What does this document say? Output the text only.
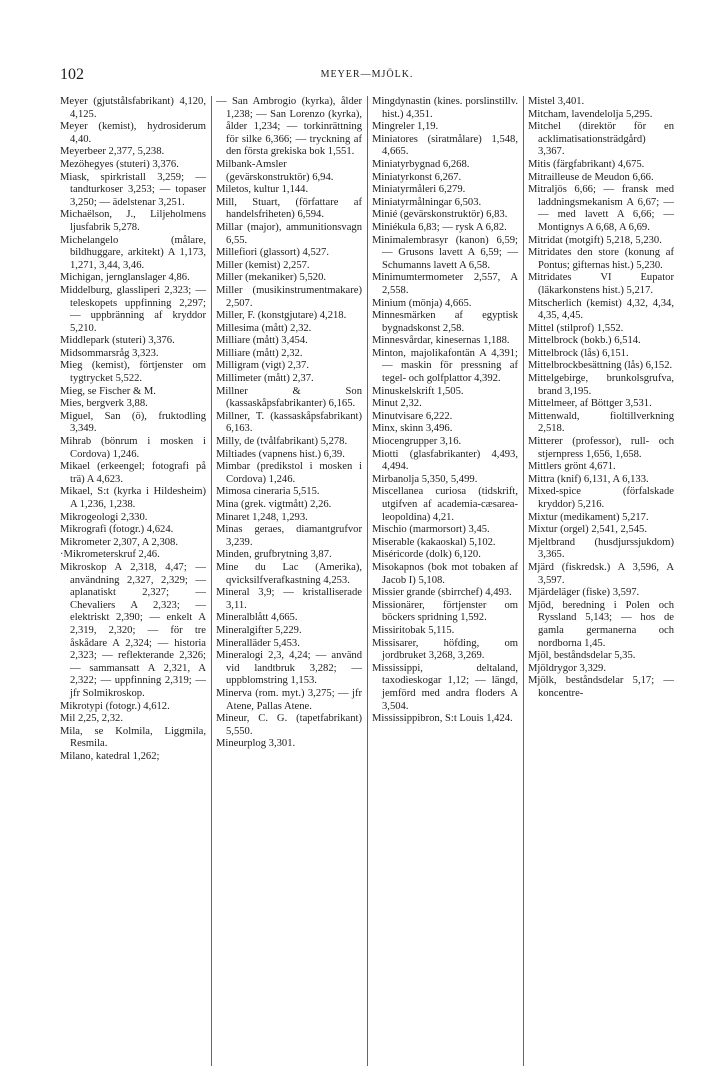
102	MEYER—MJÖLK.

Meyer (gjutstålsfabrikant) 4,120, 4,125.

Meyer (kemist), hydrosiderum 4,40.

Meyerbeer 2,377, 5,238.

Mezöhegyes (stuteri) 3,376.

Miask, spirkristall 3,259; — tandturkoser 3,253; — topaser 3,250; — ädelstenar 3,251.

Michaëlson, J., Liljeholmens ljusfabrik 5,278.

Michelangelo (målare, bildhuggare, arkitekt) A 1,173, 1,271, 3,44, 3,46.

Michigan, jernglanslager 4,86.

Middelburg, glassliperi 2,323; — teleskopets uppfinning 2,297; — uppbränning af kryddor 5,210.

Middlepark (stuteri) 3,376.

Midsommarsråg 3,323.

Mieg (kemist), förtjenster om tygtrycket 5,522.

Mieg, se Fischer & M.

Mies, bergverk 3,88.

Miguel, San (ö), fruktodling 3,349.

Mihrab (bönrum i mosken i Cordova) 1,246.

Mikael (erkeengel; fotografi på trä) A 4,623.

Mikael, S:t (kyrka i Hildesheim) A 1,236, 1,238.

Mikrogeologi 2,330.

Mikrografi (fotogr.) 4,624.

Mikrometer 2,307, A 2,308.

·Mikrometerskruf 2,46.

Mikroskop A 2,318, 4,47; — användning 2,327, 2,329; — aplanatiskt 2,327; — Chevaliers A 2,323; — elektriskt 2,390; — enkelt A 2,319, 2,320; — för tre åskådare A 2,324; — historia 2,323; — reflekterande 2,326; — sammansatt A 2,321, A 2,322; — uppfinning 2,319; — jfr Solmikroskop.

Mikrotypi (fotogr.) 4,612.

Mil 2,25, 2,32.

Mila, se Kolmila, Liggmila, Resmila.

Milano, katedral 1,262;

— San Ambrogio (kyrka), ålder 1,238; — San Lorenzo (kyrka), ålder 1,234; — torkinrättning för silke 6,366; — tryckning af den första grekiska bok 1,551.

Milbank-Amsler (gevärskonstruktör) 6,94.

Miletos, kultur 1,144.

Mill, Stuart, (författare af handelsfriheten) 6,594.

Millar (major), ammunitionsvagn 6,55.

Millefiori (glassort) 4,527.

Miller (kemist) 2,257.

Miller (mekaniker) 5,520.

Miller (musikinstrumentmakare) 2,507.

Miller, F. (konstgjutare) 4,218.

Millesima (mått) 2,32.

Milliare (mått) 3,454.

Milliare (mått) 2,32.

Milligram (vigt) 2,37.

Millimeter (mått) 2,37.

Millner & Son (kassaskåpsfabrikanter) 6,165.

Millner, T. (kassaskåpsfabrikant) 6,163.

Milly, de (tvålfabrikant) 5,278.

Miltiades (vapnens hist.) 6,39.

Mimbar (predikstol i mosken i Cordova) 1,246.

Mimosa cineraria 5,515.

Mina (grek. vigtmått) 2,26.

Minaret 1,248, 1,293.

Minas geraes, diamantgrufvor 3,239.

Minden, grufbrytning 3,87.

Mine du Lac (Amerika), qvicksilfverafkastning 4,253.

Mineral 3,9; — kristalliserade 3,11.

Mineralblått 4,665.

Mineralgifter 5,229.

Mineralläder 5,453.

Mineralogi 2,3, 4,24; — använd vid landtbruk 3,282; — uppblomstring 1,153.

Minerva (rom. myt.) 3,275; — jfr Atene, Pallas Atene.

Mineur, C. G. (tapetfabrikant) 5,550.

Mineurplog 3,301.

Mingdynastin (kines. porslinstillv. hist.) 4,351.

Mingreler 1,19.

Miniatores (siratmålare) 1,548, 4,665.

Miniatyrbygnad 6,268.

Miniatyrkonst 6,267.

Miniatyrmåleri 6,279.

Miniatyrmålningar 6,503.

Minié (gevärskonstruktör) 6,83.

Miniékula 6,83; — rysk A 6,82.

Minimalembrasyr (kanon) 6,59; — Grusons lavett A 6,59; — Schumanns lavett A 6,58.

Minimumtermometer 2,557, A 2,558.

Minium (mönja) 4,665.

Minnesmärken af egyptisk bygnadskonst 2,58.

Minnesvårdar, kinesernas 1,188.

Minton, majolikafontän A 4,391; — maskin för pressning af tegel- och golfplattor 4,392.

Minuskelskrift 1,505.

Minut 2,32.

Minutvisare 6,222.

Minx, skinn 3,496.

Miocengrupper 3,16.

Miotti (glasfabrikanter) 4,493, 4,494.

Mirbanolja 5,350, 5,499.

Miscellanea curiosa (tidskrift, utgifven af academia-cæsarea-leopoldina) 4,21.

Mischio (marmorsort) 3,45.

Miserable (kakaoskal) 5,102.

Miséricorde (dolk) 6,120.

Misokapnos (bok mot tobaken af Jacob I) 5,108.

Missier grande (sbirrchef) 4,493.

Missionärer, förtjenster om böckers spridning 1,592.

Missiritobak 5,115.

Missisarer, höfding, om jordbruket 3,268, 3,269.

Mississippi, deltaland, taxodieskogar 1,12; — längd, jemförd med andra floders A 3,504.

Mississippibron, S:t Louis 1,424.

Mistel 3,401.

Mitcham, lavendelolja 5,295.

Mitchel (direktör för en acklimatisationsträdgård) 3,367.

Mitis (färgfabrikant) 4,675.

Mitrailleuse de Meudon 6,66.

Mitraljös 6,66; — fransk med laddningsmekanism A 6,67; — — med lavett A 6,66; — Montignys A 6,68, A 6,69.

Mitridat (motgift) 5,218, 5,230.

Mitridates den store (konung af Pontus; gifternas hist.) 5,230.

Mitridates VI Eupator (läkarkonstens hist.) 5,217.

Mitscherlich (kemist) 4,32, 4,34, 4,35, 4,45.

Mittel (stilprof) 1,552.

Mittelbrock (bokb.) 6,514.

Mittelbrock (lås) 6,151.

Mittelbrockbesättning (lås) 6,152.

Mittelgebirge, brunkolsgrufva, brand 3,195.

Mittelmeer, af Böttger 3,531.

Mittenwald, fioltillverkning 2,518.

Mitterer (professor), rull- och stjernpress 1,656, 1,658.

Mittlers grönt 4,671.

Mittra (knif) 6,131, A 6,133.

Mixed-spice (förfalskade kryddor) 5,216.

Mixtur (medikament) 5,217.

Mixtur (orgel) 2,541, 2,545.

Mjeltbrand (husdjurssjukdom) 3,365.

Mjärd (fiskredsk.) A 3,596, A 3,597.

Mjärdeläger (fiske) 3,597.

Mjöd, beredning i Polen och Ryssland 5,143; — hos de gamla germanerna och nordborna 1,45.

Mjöl, beståndsdelar 5,35.

Mjöldrygor 3,329.

Mjölk, beståndsdelar 5,17; — koncentre-
